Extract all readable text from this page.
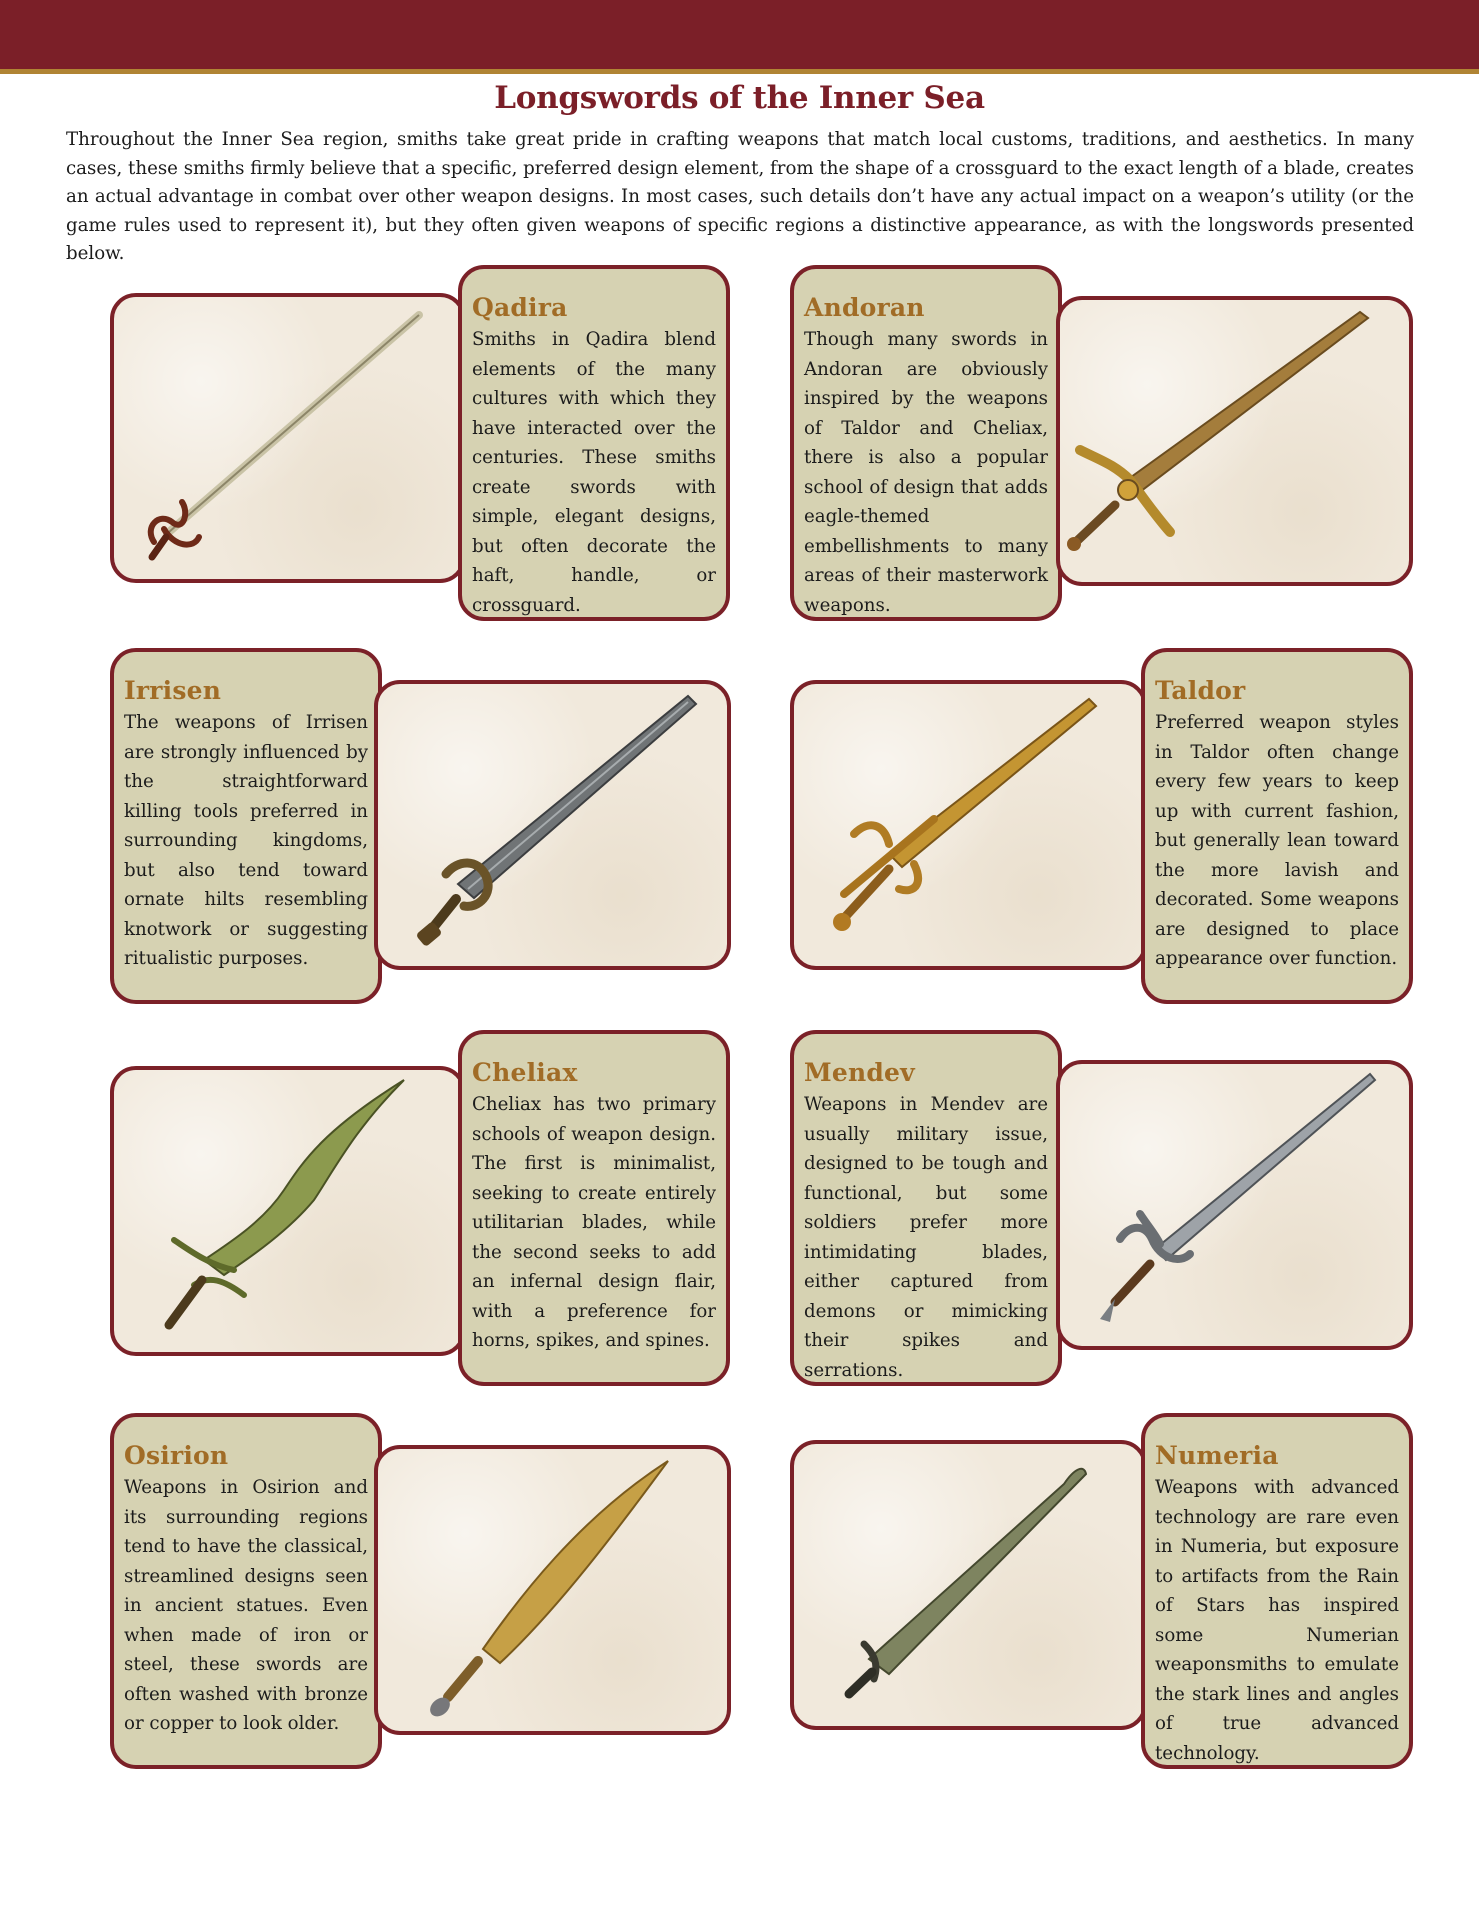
Longswords of the Inner Sea
Throughout the Inner Sea region, smiths take great pride in crafting weapons that match local customs, traditions, and aesthetics. In many cases, these smiths firmly believe that a specific, preferred design element, from the shape of a crossguard to the exact length of a blade, creates an actual advantage in combat over other weapon designs. In most cases, such details don’t have any actual impact on a weapon’s utility (or the game rules used to represent it), but they often given weapons of specific regions a distinctive appearance, as with the longswords presented below.
Qadira
Smiths in Qadira blend elements of the many cultures with which they have interacted over the centuries. These smiths create swords with simple, elegant designs, but often decorate the haft, handle, or crossguard.
Andoran
Though many swords in Andoran are obviously inspired by the weapons of Taldor and Cheliax, there is also a popular school of design that adds eagle-themed embellishments to many areas of their masterwork weapons.
Irrisen
The weapons of Irrisen are strongly influenced by the straightforward killing tools preferred in surrounding kingdoms, but also tend toward ornate hilts resembling knotwork or suggesting ritualistic purposes.
Taldor
Preferred weapon styles in Taldor often change every few years to keep up with current fashion, but generally lean toward the more lavish and decorated. Some weapons are designed to place appearance over function.
Cheliax
Cheliax has two primary schools of weapon design. The first is minimalist, seeking to create entirely utilitarian blades, while the second seeks to add an infernal design flair, with a preference for horns, spikes, and spines.
Mendev
Weapons in Mendev are usually military issue, designed to be tough and functional, but some soldiers prefer more intimidating blades, either captured from demons or mimicking their spikes and serrations.
Osirion
Weapons in Osirion and its surrounding regions tend to have the classical, streamlined designs seen in ancient statues. Even when made of iron or steel, these swords are often washed with bronze or copper to look older.
Numeria
Weapons with advanced technology are rare even in Numeria, but exposure to artifacts from the Rain of Stars has inspired some Numerian weaponsmiths to emulate the stark lines and angles of true advanced technology.
